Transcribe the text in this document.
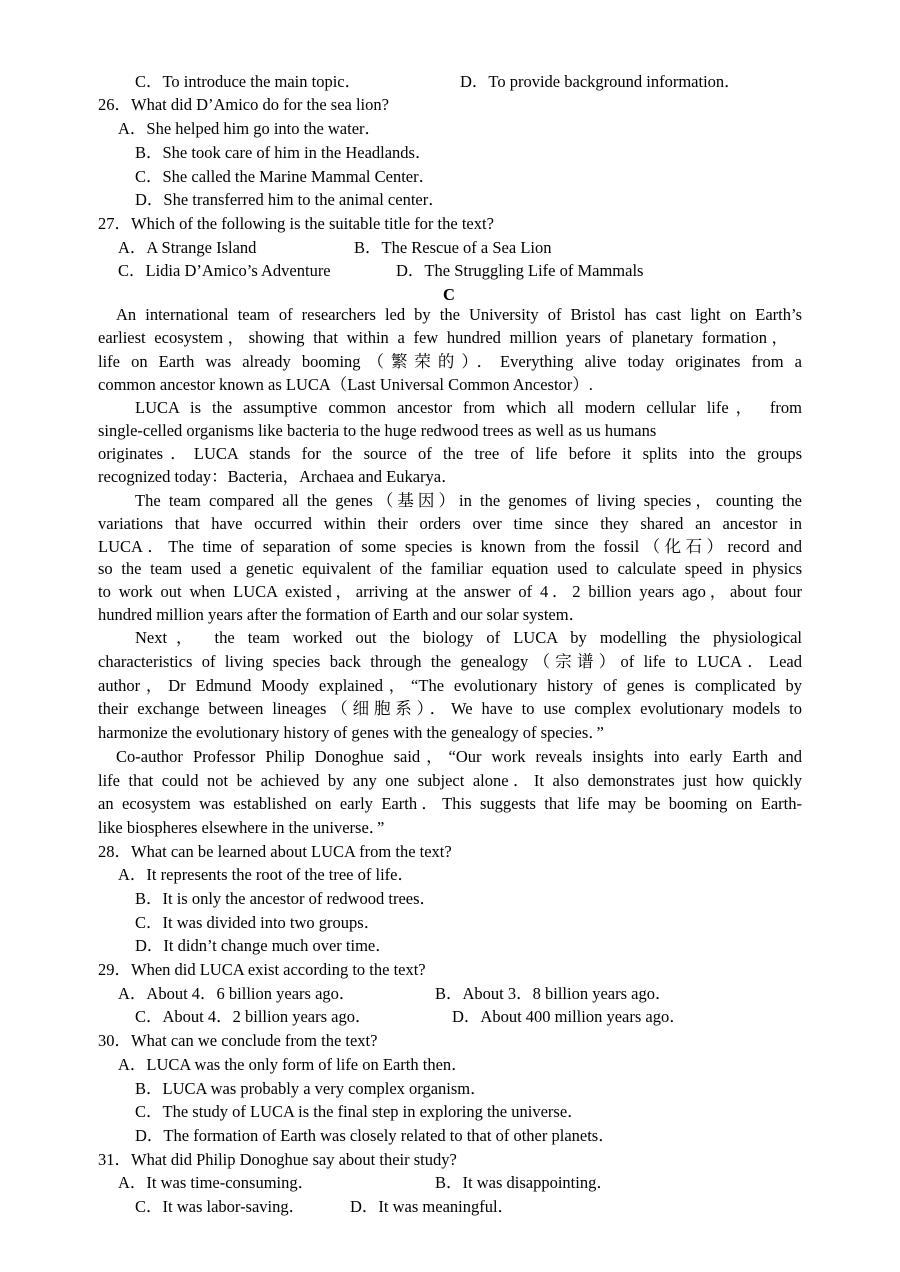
C．To introduce the main topic．	D．To provide background information．
26．What did D’Amico do for the sea lion?
A．She helped him go into the water．
B．She took care of him in the Headlands．
C．She called the Marine Mammal Center．
D．She transferred him to the animal center．
27．Which of the following is the suitable title for the text?
A．A Strange Island	B．The Rescue of a Sea Lion
C．Lidia D’Amico’s Adventure	D．The Struggling Life of Mammals
C
An international team of researchers led by the University of Bristol has cast light on Earth’s
earliest ecosystem，showing that within a few hundred million years of planetary formation，
life on Earth was already booming（繁荣的）．Everything alive today originates from a
common ancestor known as LUCA（Last Universal Common Ancestor）.
LUCA is the assumptive common ancestor from which all modern cellular life， from
single-celled organisms like bacteria to the huge redwood trees as well as us humans
originates．LUCA stands for the source of the tree of life before it splits into the groups
recognized today：Bacteria，Archaea and Eukarya．
The team compared all the genes（基因）in the genomes of living species，counting the
variations that have occurred within their orders over time since they shared an ancestor in
LUCA．The time of separation of some species is known from the fossil（化石）record and
so the team used a genetic equivalent of the familiar equation used to calculate speed in physics
to work out when LUCA existed，arriving at the answer of 4．2 billion years ago，about four
hundred million years after the formation of Earth and our solar system．
Next， the team worked out the biology of LUCA by modelling the physiological
characteristics of living species back through the genealogy（宗谱）of life to LUCA．Lead
author，Dr Edmund Moody explained，“The evolutionary history of genes is complicated by
their exchange between lineages（细胞系）．We have to use complex evolutionary models to
harmonize the evolutionary history of genes with the genealogy of species．”
Co-author Professor Philip Donoghue said，“Our work reveals insights into early Earth and
life that could not be achieved by any one subject alone．It also demonstrates just how quickly
an ecosystem was established on early Earth．This suggests that life may be booming on Earth-
like biospheres elsewhere in the universe．”
28．What can be learned about LUCA from the text?
A．It represents the root of the tree of life．
B．It is only the ancestor of redwood trees．
C．It was divided into two groups．
D．It didn’t change much over time．
29．When did LUCA exist according to the text?
A．About 4．6 billion years ago．	B．About 3．8 billion years ago．
C．About 4．2 billion years ago．	D．About 400 million years ago．
30．What can we conclude from the text?
A．LUCA was the only form of life on Earth then．
B．LUCA was probably a very complex organism．
C．The study of LUCA is the final step in exploring the universe．
D．The formation of Earth was closely related to that of other planets．
31．What did Philip Donoghue say about their study?
A．It was time-consuming．	B．It was disappointing．
C．It was labor-saving．	D．It was meaningful．
